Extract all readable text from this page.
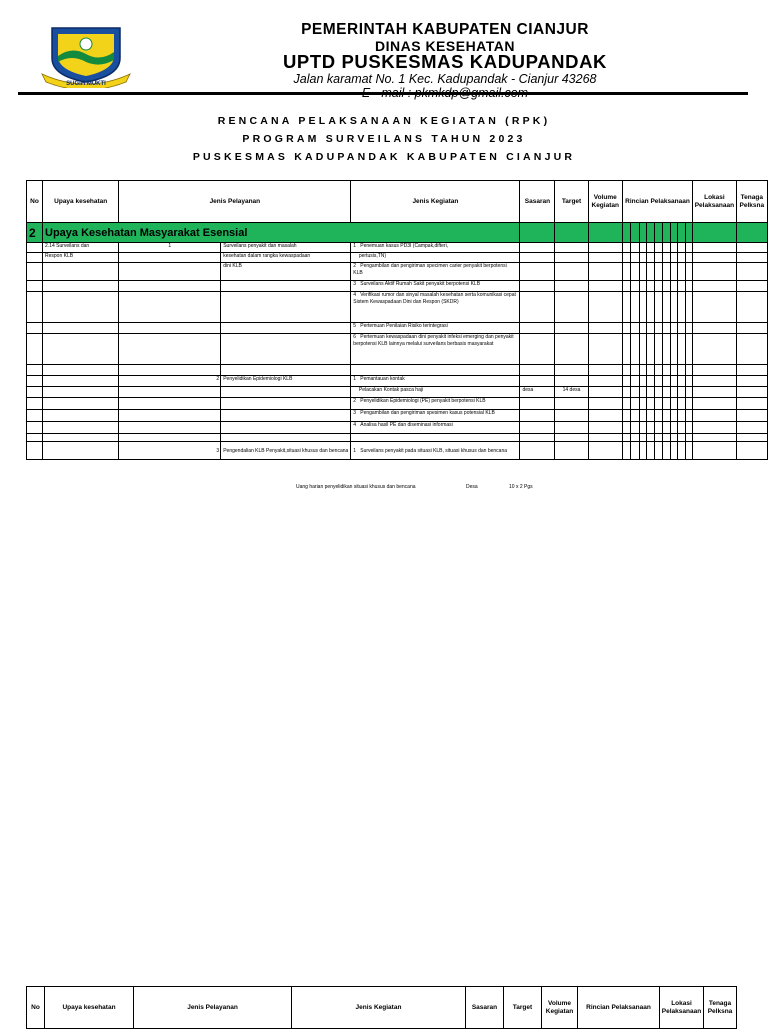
SUGIH MUKTI
PEMERINTAH KABUPATEN CIANJUR
DINAS KESEHATAN
UPTD PUSKESMAS KADUPANDAK
Jalan karamat No. 1 Kec. Kadupandak - Cianjur 43268
RENCANA PELAKSANAAN KEGIATAN (RPK)
PROGRAM SURVEILANS TAHUN 2023
PUSKESMAS KADUPANDAK KABUPATEN CIANJUR
No	Upaya kesehatan	Jenis Pelayanan		Jenis Kegiatan	Sasaran	Target	Volume Kegiatan	Rincian Pelaksanaan									Lokasi Pelaksanaan	Tenaga Pelksna
2	Upaya Kesehatan Masyarakat Esensial																	
	2.14 Surveilans dan	1	Surveilans penyakit dan masalah	1 Penemuan kasus PD3I (Campak,difteri,														
	Respon KLB		kesehatan dalam rangka kewaspadaan	pertusis,TN)														
			dini KLB	2 Pengambilan dan pengiriman specimen carier penyakit berpotensi KLB														
				3 Surveilans Aktif Rumah Sakit penyakit berpotensi KLB														
				4 Verifikasi rumor dan sinyal masalah kesehatan serta komunikasi cepat Sistem Kewaspadaan Dini dan Respon (SKDR)														
				5 Pertemuan Penilaian Risiko terintegrasi														
				6 Pertemuan kewaspadaan dini penyakit infeksi emerging dan penyakit berpotensi KLB lainnya melalui surveilans berbasis masyarakat														

		2	Penyelidikan Epidemiologi KLB	1 Pemantauan kontak														
				Pelacakan Kontak pasca haji	desa	14 desa												
				2 Penyelidikan Epidemiologi (PE) penyakit berpotensi KLB														
				3 Pengambilan dan pengiriman spesimen kasus potensial KLB														
				4 Analisa hasil PE dan diseminasi informasi														

		3	Pengendalian KLB Penyakit,situasi khusus dan bencana	1 Surveilans penyakit pada situasi KLB, situasi khusus dan bencana														
Uang harian penyelidikan situasi khusus dan bencana	Desa	10 x 2 Pgs
No	Upaya kesehatan	Jenis Pelayanan	Jenis Kegiatan	Sasaran	Target	Volume Kegiatan	Rincian Pelaksanaan	Lokasi Pelaksanaan	Tenaga Pelksna
